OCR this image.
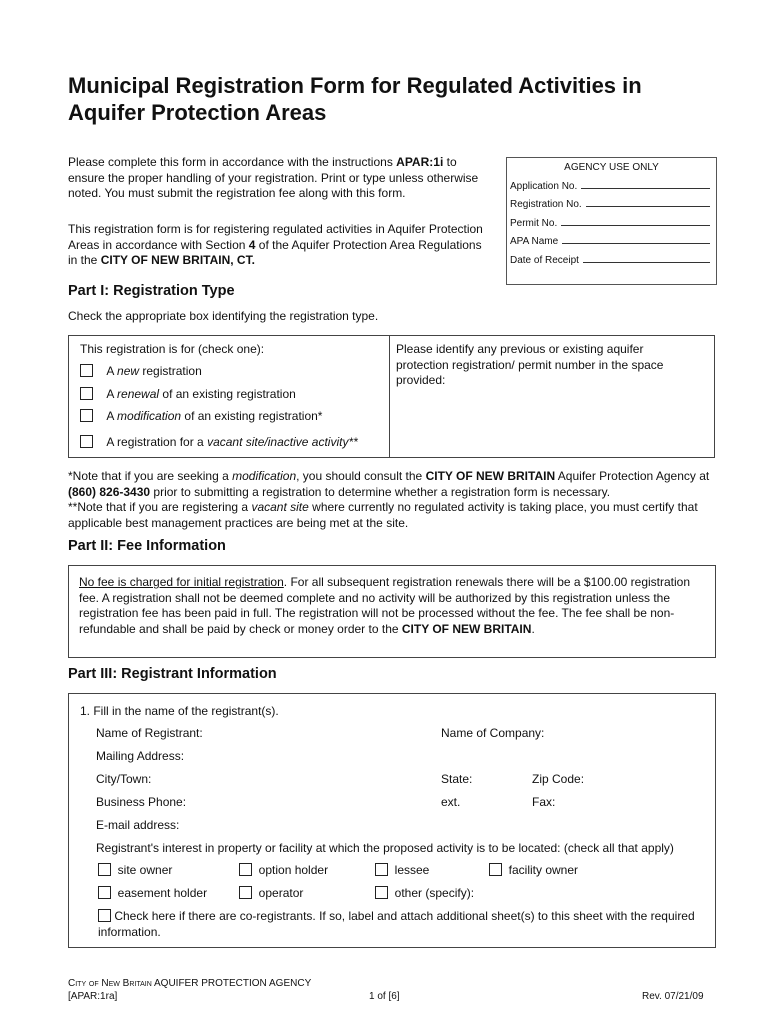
Municipal Registration Form for Regulated Activities in Aquifer Protection Areas
Please complete this form in accordance with the instructions APAR:1i to ensure the proper handling of your registration. Print or type unless otherwise noted. You must submit the registration fee along with this form.
This registration form is for registering regulated activities in Aquifer Protection Areas in accordance with Section 4 of the Aquifer Protection Area Regulations in the CITY OF NEW BRITAIN, CT.
AGENCY USE ONLY
Application No.
Registration No.
Permit No.
APA Name
Date of Receipt
Part I: Registration Type
Check the appropriate box identifying the registration type.
This registration is for (check one):
A new registration
A renewal of an existing registration
A modification of an existing registration*
A registration for a vacant site/inactive activity**
Please identify any previous or existing aquifer protection registration/ permit number in the space provided:
*Note that if you are seeking a modification, you should consult the CITY OF NEW BRITAIN Aquifer Protection Agency at (860) 826-3430 prior to submitting a registration to determine whether a registration form is necessary.
**Note that if you are registering a vacant site where currently no regulated activity is taking place, you must certify that applicable best management practices are being met at the site.
Part II: Fee Information
No fee is charged for initial registration. For all subsequent registration renewals there will be a $100.00 registration fee. A registration shall not be deemed complete and no activity will be authorized by this registration unless the registration fee has been paid in full. The registration will not be processed without the fee. The fee shall be non-refundable and shall be paid by check or money order to the CITY OF NEW BRITAIN.
Part III: Registrant Information
1. Fill in the name of the registrant(s).
Name of Registrant:	Name of Company:
Mailing Address:
City/Town:	State:	Zip Code:
Business Phone:	ext.	Fax:
E-mail address:
Registrant's interest in property or facility at which the proposed activity is to be located: (check all that apply)
site owner	option holder	lessee	facility owner
easement holder	operator	other (specify):
Check here if there are co-registrants. If so, label and attach additional sheet(s) to this sheet with the required information.
City of New Britain AQUIFER PROTECTION AGENCY
[APAR:1ra]	1 of [6]	Rev. 07/21/09
